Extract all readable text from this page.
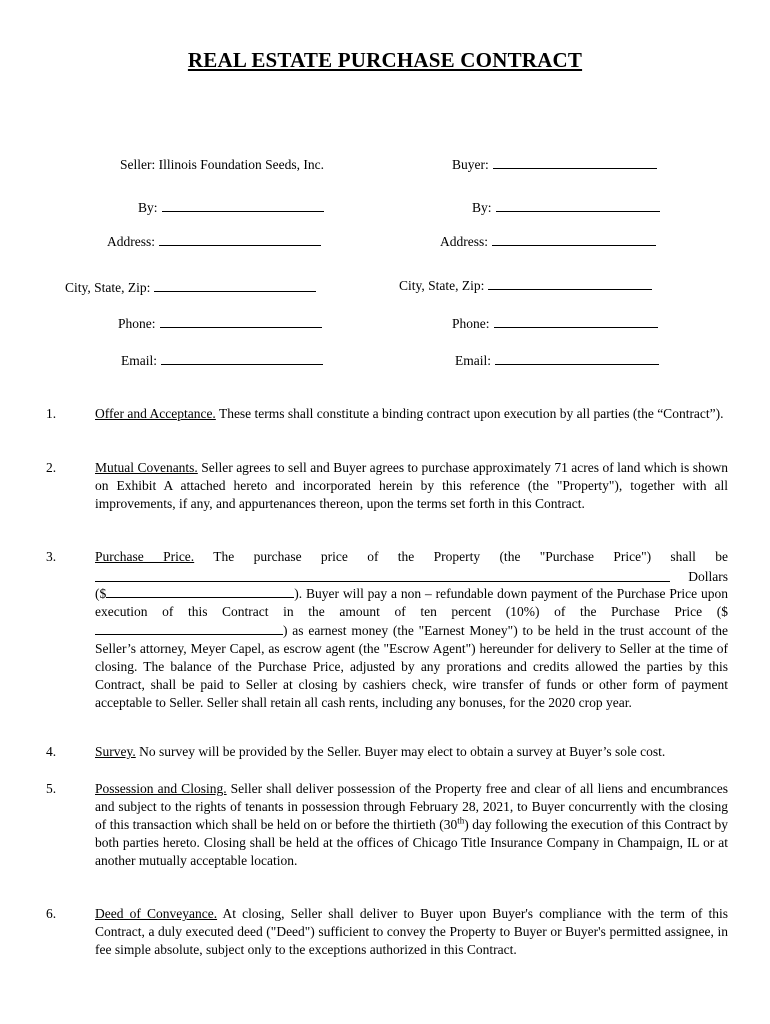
REAL ESTATE PURCHASE CONTRACT
Seller: Illinois Foundation Seeds, Inc.
By:
Address:
City, State, Zip:
Phone:
Email:
Buyer:
By:
Address:
City, State, Zip:
Phone:
Email:
1.	Offer and Acceptance. These terms shall constitute a binding contract upon execution by all parties (the “Contract”).
2.	Mutual Covenants. Seller agrees to sell and Buyer agrees to purchase approximately 71 acres of land which is shown on Exhibit A attached hereto and incorporated herein by this reference (the "Property"), together with all improvements, if any, and appurtenances thereon, upon the terms set forth in this Contract.
3.	Purchase Price. The purchase price of the Property (the "Purchase Price") shall be
Dollars
($	). Buyer will pay a non – refundable down payment of the Purchase Price upon execution of this Contract in the amount of ten percent (10%) of the Purchase Price ($) as earnest money (the "Earnest Money") to be held in the trust account of the Seller’s attorney, Meyer Capel, as escrow agent (the "Escrow Agent") hereunder for delivery to Seller at the time of closing. The balance of the Purchase Price, adjusted by any prorations and credits allowed the parties by this Contract, shall be paid to Seller at closing by cashiers check, wire transfer of funds or other form of payment acceptable to Seller. Seller shall retain all cash rents, including any bonuses, for the 2020 crop year.
4.	Survey. No survey will be provided by the Seller. Buyer may elect to obtain a survey at Buyer’s sole cost.
5.	Possession and Closing. Seller shall deliver possession of the Property free and clear of all liens and encumbrances and subject to the rights of tenants in possession through February 28, 2021, to Buyer concurrently with the closing of this transaction which shall be held on or before the thirtieth (30th) day following the execution of this Contract by both parties hereto. Closing shall be held at the offices of Chicago Title Insurance Company in Champaign, IL or at another mutually acceptable location.
6.	Deed of Conveyance. At closing, Seller shall deliver to Buyer upon Buyer's compliance with the term of this Contract, a duly executed deed ("Deed") sufficient to convey the Property to Buyer or Buyer's permitted assignee, in fee simple absolute, subject only to the exceptions authorized in this Contract.
